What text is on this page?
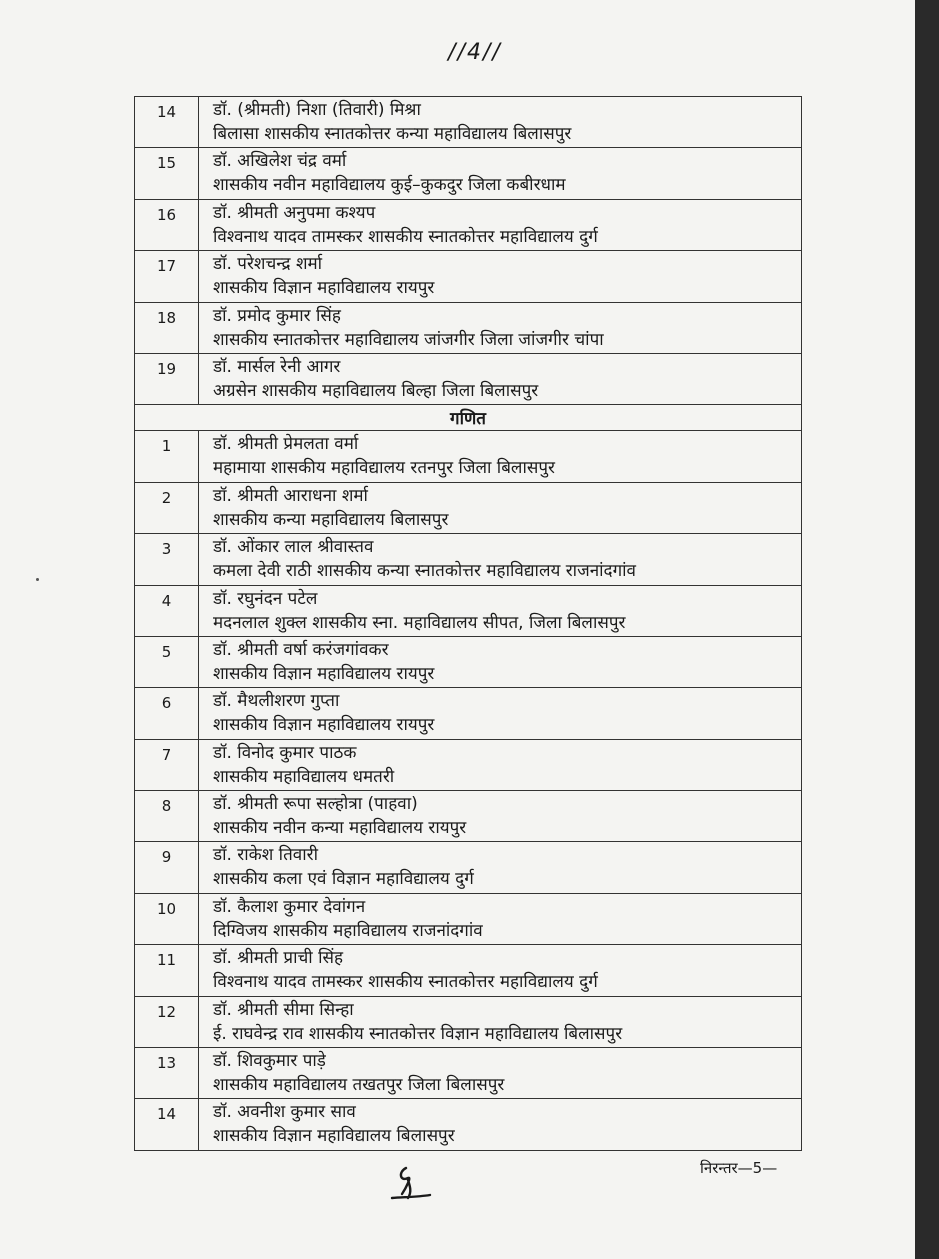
//4//
14	डॉ. (श्रीमती) निशा (तिवारी) मिश्रा
बिलासा शासकीय स्नातकोत्तर कन्या महाविद्यालय बिलासपुर

15	डॉ. अखिलेश चंद्र वर्मा
शासकीय नवीन महाविद्यालय कुई–कुकदुर जिला कबीरधाम

16	डॉ. श्रीमती अनुपमा कश्यप
विश्वनाथ यादव तामस्कर शासकीय स्नातकोत्तर महाविद्यालय दुर्ग

17	डॉ. परेशचन्द्र शर्मा
शासकीय विज्ञान महाविद्यालय रायपुर

18	डॉ. प्रमोद कुमार सिंह
शासकीय स्नातकोत्तर महाविद्यालय जांजगीर जिला जांजगीर चांपा

19	डॉ. मार्सल रेनी आगर
अग्रसेन शासकीय महाविद्यालय बिल्हा जिला बिलासपुर

गणित	
1	डॉ. श्रीमती प्रेमलता वर्मा
महामाया शासकीय महाविद्यालय रतनपुर जिला बिलासपुर

2	डॉ. श्रीमती आराधना शर्मा
शासकीय कन्या महाविद्यालय बिलासपुर

3	डॉ. ओंकार लाल श्रीवास्तव
कमला देवी राठी शासकीय कन्या स्नातकोत्तर महाविद्यालय राजनांदगांव

4	डॉ. रघुनंदन पटेल
मदनलाल शुक्ल शासकीय स्ना. महाविद्यालय सीपत, जिला बिलासपुर

5	डॉ. श्रीमती वर्षा करंजगांवकर
शासकीय विज्ञान महाविद्यालय रायपुर

6	डॉ. मैथलीशरण गुप्ता
शासकीय विज्ञान महाविद्यालय रायपुर

7	डॉ. विनोद कुमार पाठक
शासकीय महाविद्यालय धमतरी

8	डॉ. श्रीमती रूपा सल्होत्रा (पाहवा)
शासकीय नवीन कन्या महाविद्यालय रायपुर

9	डॉ. राकेश तिवारी
शासकीय कला एवं विज्ञान महाविद्यालय दुर्ग

10	डॉ. कैलाश कुमार देवांगन
दिग्विजय शासकीय महाविद्यालय राजनांदगांव

11	डॉ. श्रीमती प्राची सिंह
विश्वनाथ यादव तामस्कर शासकीय स्नातकोत्तर महाविद्यालय दुर्ग

12	डॉ. श्रीमती सीमा सिन्हा
ई. राघवेन्द्र राव शासकीय स्नातकोत्तर विज्ञान महाविद्यालय बिलासपुर

13	डॉ. शिवकुमार पाड़े
शासकीय महाविद्यालय तखतपुर जिला बिलासपुर

14	डॉ. अवनीश कुमार साव
शासकीय विज्ञान महाविद्यालय बिलासपुर
निरन्तर—5—
